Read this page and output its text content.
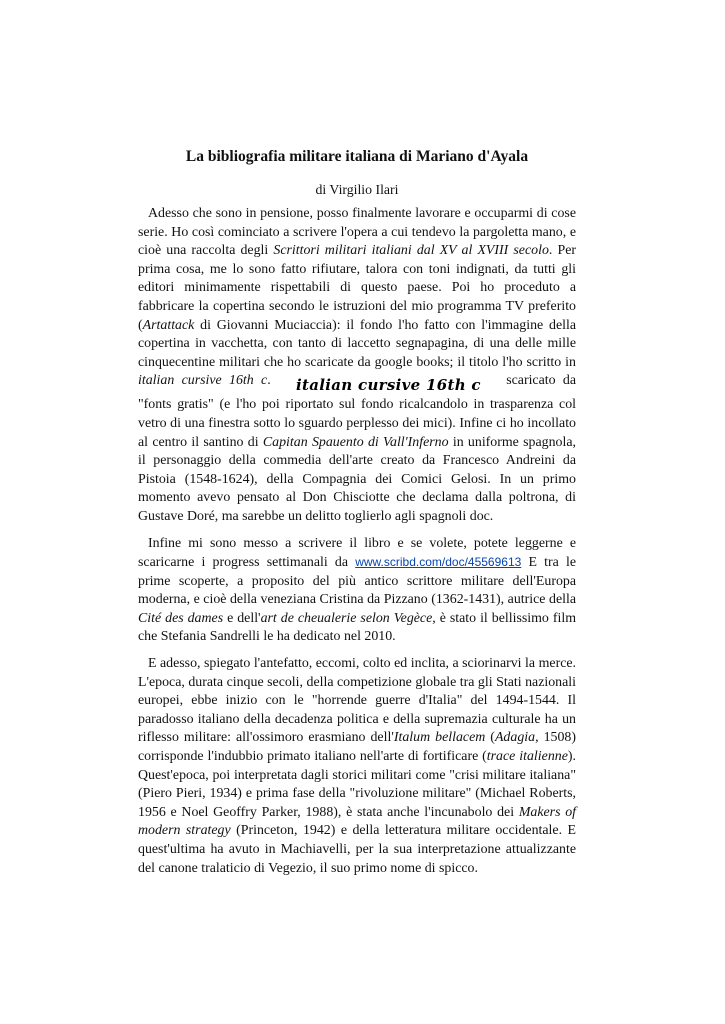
La bibliografia militare italiana di Mariano d'Ayala

di Virgilio Ilari

Adesso che sono in pensione, posso finalmente lavorare e occuparmi di cose serie. Ho così cominciato a scrivere l'opera a cui tendevo la pargoletta mano, e cioè una raccolta degli Scrittori militari italiani dal XV al XVIII secolo. Per prima cosa, me lo sono fatto rifiutare, talora con toni indignati, da tutti gli editori minimamente rispettabili di questo paese. Poi ho proceduto a fabbricare la copertina secondo le istruzioni del mio programma TV preferito (Artattack di Giovanni Muciaccia): il fondo l'ho fatto con l'immagine della copertina in vacchetta, con tanto di laccetto segnapagina, di una delle mille cinquecentine militari che ho scaricate da google books; il titolo l'ho scritto in italian cursive 16th c. italian cursive 16th c scaricato da "fonts gratis" (e l'ho poi riportato sul fondo ricalcandolo in trasparenza col vetro di una finestra sotto lo sguardo perplesso dei mici). Infine ci ho incollato al centro il santino di Capitan Spauento di Vall'Inferno in uniforme spagnola, il personaggio della commedia dell'arte creato da Francesco Andreini da Pistoia (1548-1624), della Compagnia dei Comici Gelosi. In un primo momento avevo pensato al Don Chisciotte che declama dalla poltrona, di Gustave Doré, ma sarebbe un delitto toglierlo agli spagnoli doc.

Infine mi sono messo a scrivere il libro e se volete, potete leggerne e scaricarne i progress settimanali da www.scribd.com/doc/45569613 E tra le prime scoperte, a proposito del più antico scrittore militare dell'Europa moderna, e cioè della veneziana Cristina da Pizzano (1362-1431), autrice della Cité des dames e dell'art de cheualerie selon Vegèce, è stato il bellissimo film che Stefania Sandrelli le ha dedicato nel 2010.

E adesso, spiegato l'antefatto, eccomi, colto ed inclita, a sciorinarvi la merce. L'epoca, durata cinque secoli, della competizione globale tra gli Stati nazionali europei, ebbe inizio con le "horrende guerre d'Italia" del 1494-1544. Il paradosso italiano della decadenza politica e della supremazia culturale ha un riflesso militare: all'ossimoro erasmiano dell'Italum bellacem (Adagia, 1508) corrisponde l'indubbio primato italiano nell'arte di fortificare (trace italienne). Quest'epoca, poi interpretata dagli storici militari come "crisi militare italiana" (Piero Pieri, 1934) e prima fase della "rivoluzione militare" (Michael Roberts, 1956 e Noel Geoffry Parker, 1988), è stata anche l'incunabolo dei Makers of modern strategy (Princeton, 1942) e della letteratura militare occidentale. E quest'ultima ha avuto in Machiavelli, per la sua interpretazione attualizzante del canone tralaticio di Vegezio, il suo primo nome di spicco.
